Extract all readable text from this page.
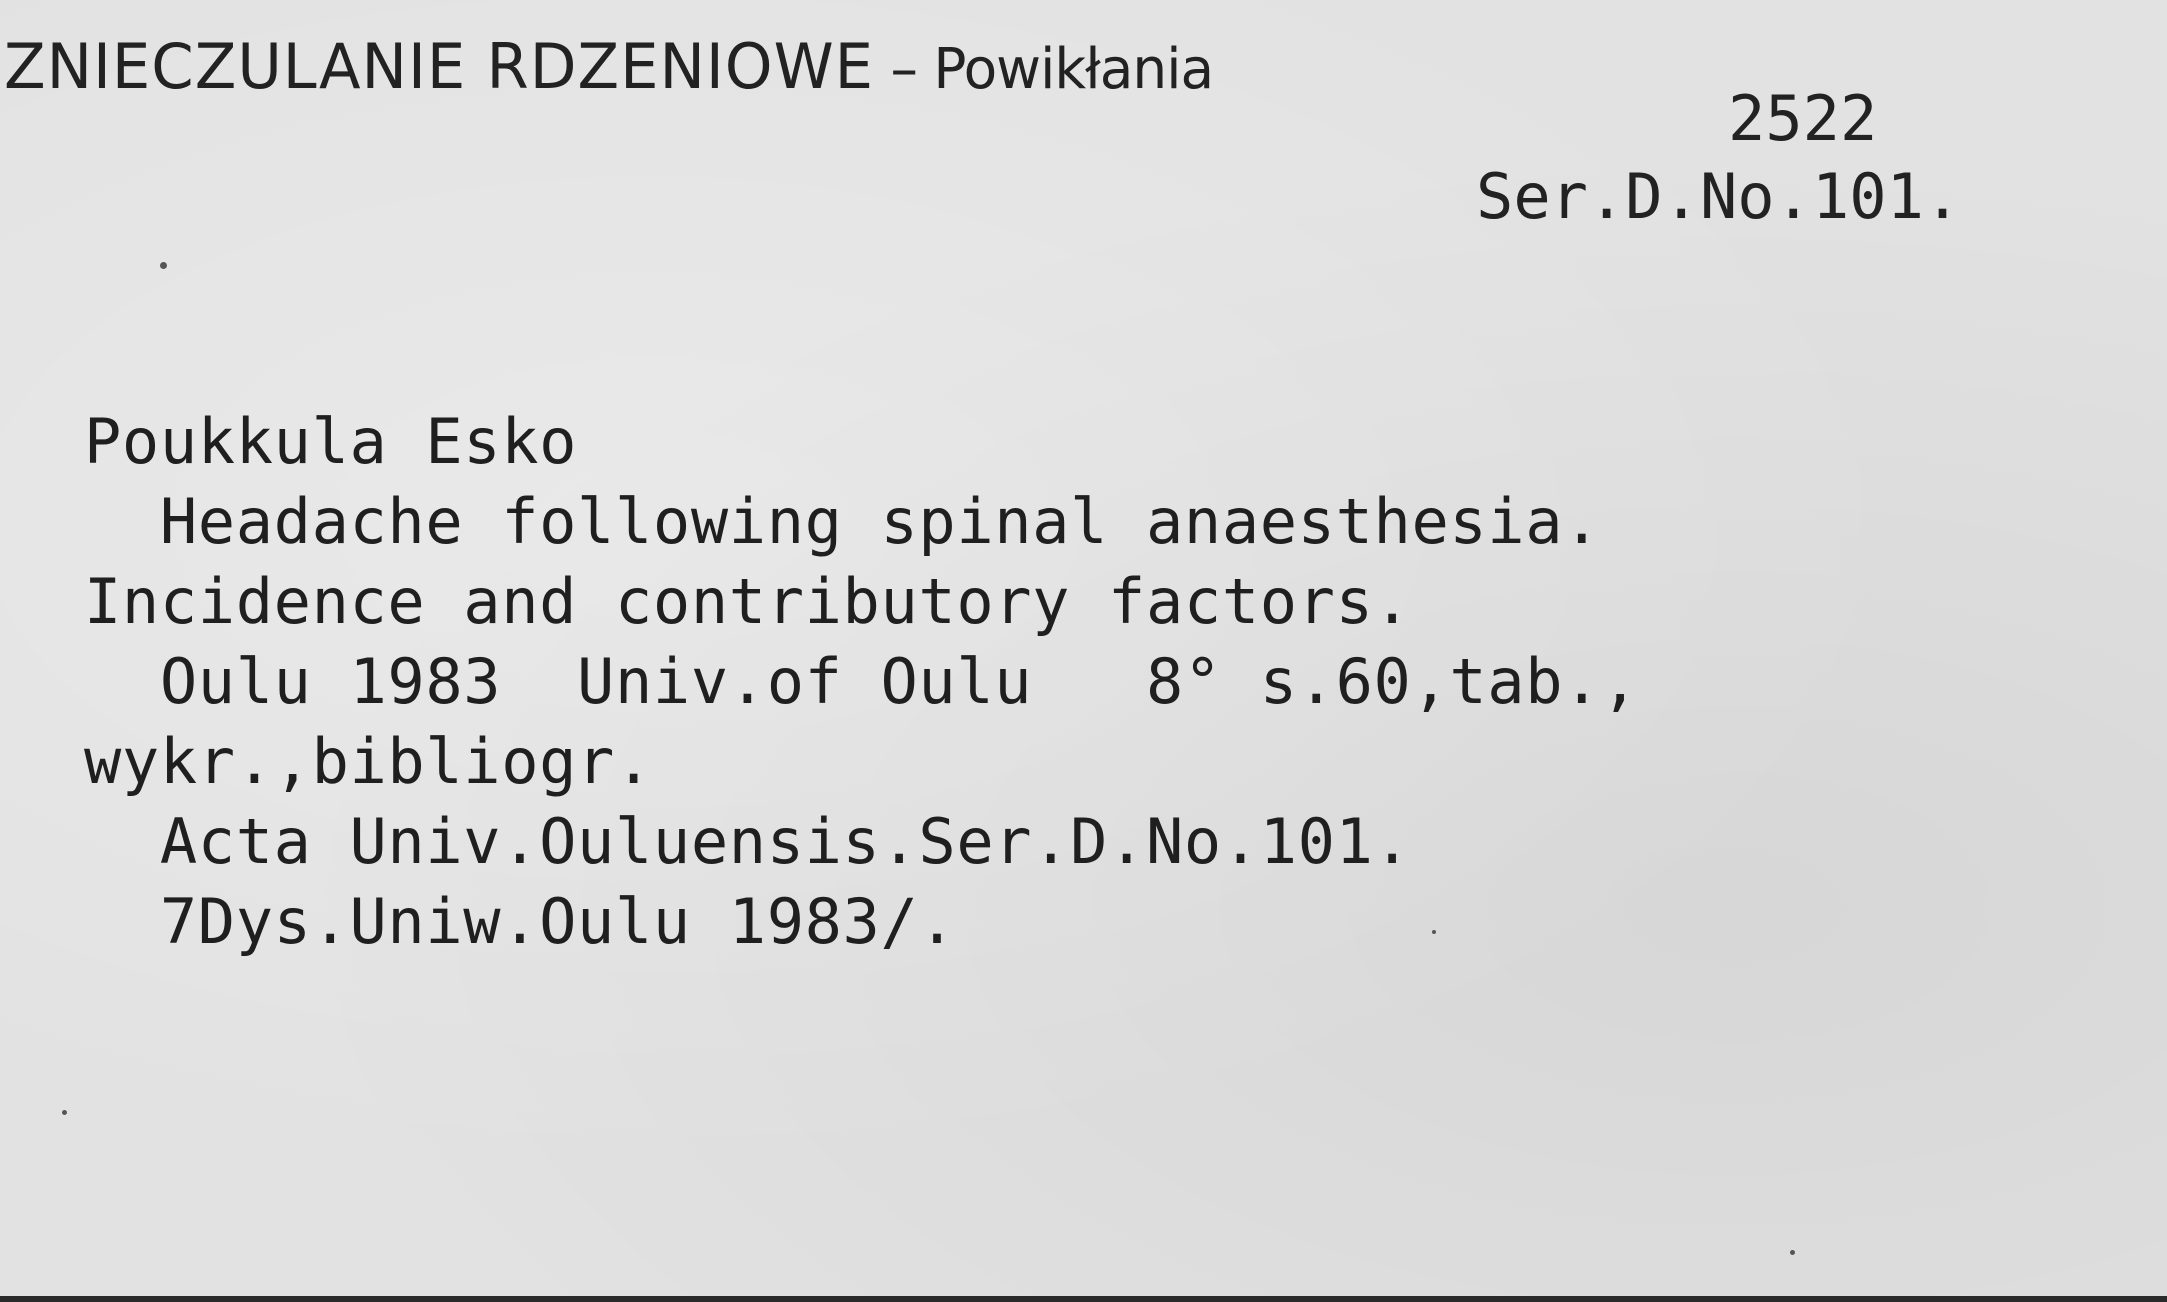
ZNIECZULANIE RDZENIOWE – Powikłania
2522
Ser.D.No.101.
Poukkula Esko
Headache following spinal anaesthesia.
Incidence and contributory factors.
Oulu 1983  Univ.of Oulu   8° s.60,tab.,
wykr.,bibliogr.
Acta Univ.Ouluensis.Ser.D.No.101.
7Dys.Uniw.Oulu 1983/.
